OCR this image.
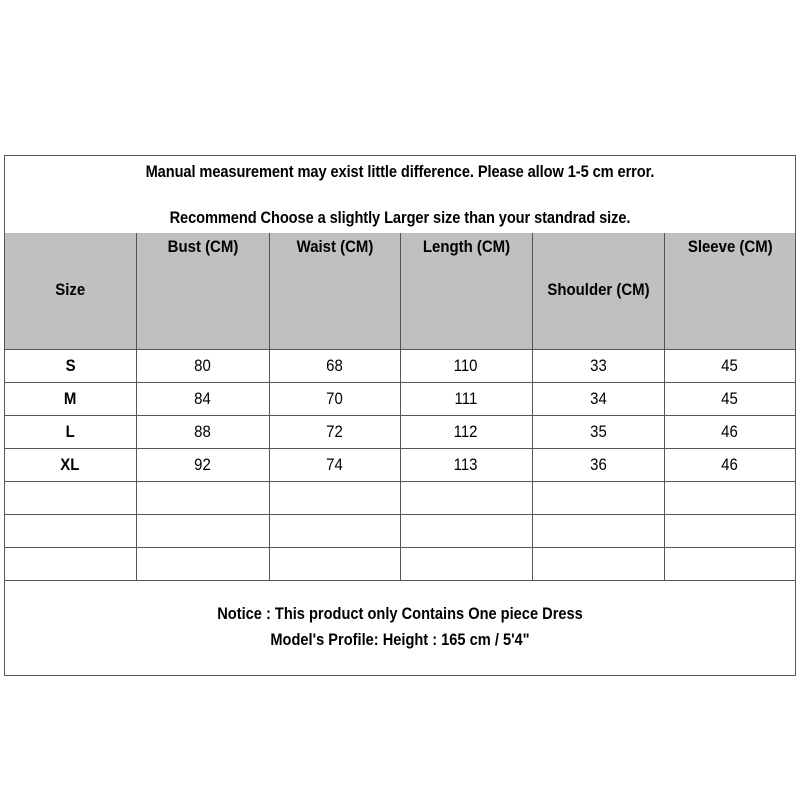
Manual measurement may exist little difference. Please allow 1-5 cm error.
Recommend Choose a slightly Larger size than your standrad size.
Size	Bust (CM)	Waist (CM)	Length (CM)	Shoulder (CM)	Sleeve (CM)

S	80	68	110	33	45
M	84	70	111	34	45
L	88	72	112	35	46
XL	92	74	113	36	46

Notice : This product only Contains One piece Dress
Model's Profile: Height : 165 cm / 5'4"
